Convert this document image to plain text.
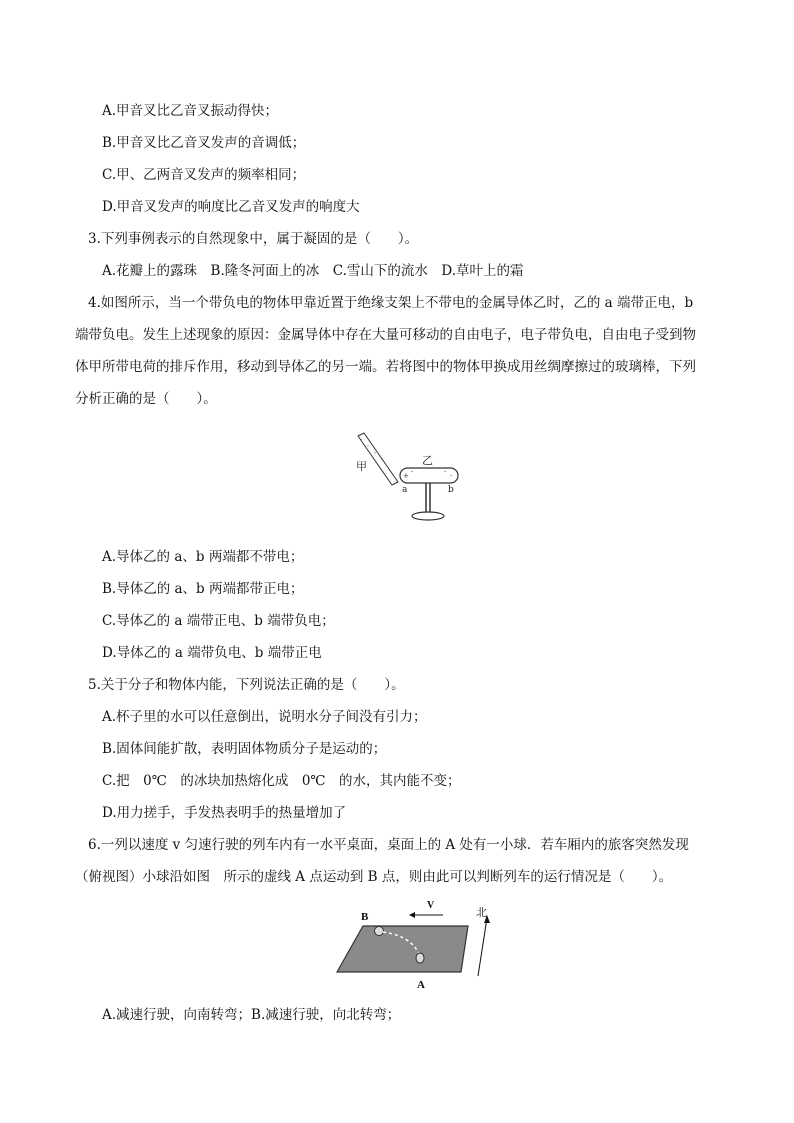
A.甲音叉比乙音叉振动得快；
B.甲音叉比乙音叉发声的音调低；
C.甲、乙两音叉发声的频率相同；
D.甲音叉发声的响度比乙音叉发声的响度大
3.下列事例表示的自然现象中，属于凝固的是（　　）。
A.花瓣上的露珠　B.隆冬河面上的冰　C.雪山下的流水　D.草叶上的霜
4.如图所示，当一个带负电的物体甲靠近置于绝缘支架上不带电的金属导体乙时，乙的 a 端带正电，b
端带负电。发生上述现象的原因：金属导体中存在大量可移动的自由电子，电子带负电，自由电子受到物
体甲所带电荷的排斥作用，移动到导体乙的另一端。若将图中的物体甲换成用丝绸摩擦过的玻璃棒，下列
分析正确的是（　　）。
-
-
-
-
甲
+ -	- -
乙
a	b
A.导体乙的 a、b 两端都不带电；
B.导体乙的 a、b 两端都带正电；
C.导体乙的 a 端带正电、b 端带负电；
D.导体乙的 a 端带负电、b 端带正电
5.关于分子和物体内能，下列说法正确的是（　　）。
A.杯子里的水可以任意倒出，说明水分子间没有引力；
B.固体间能扩散，表明固体物质分子是运动的；
C.把　0℃　的冰块加热熔化成　0℃　的水，其内能不变；
D.用力搓手，手发热表明手的热量增加了
6.一列以速度 v 匀速行驶的列车内有一水平桌面，桌面上的 A 处有一小球．若车厢内的旅客突然发现
（俯视图）小球沿如图　所示的虚线 A 点运动到 B 点，则由此可以判断列车的运行情况是（　　）。
B
V
北
A
A.减速行驶，向南转弯；B.减速行驶，向北转弯；
